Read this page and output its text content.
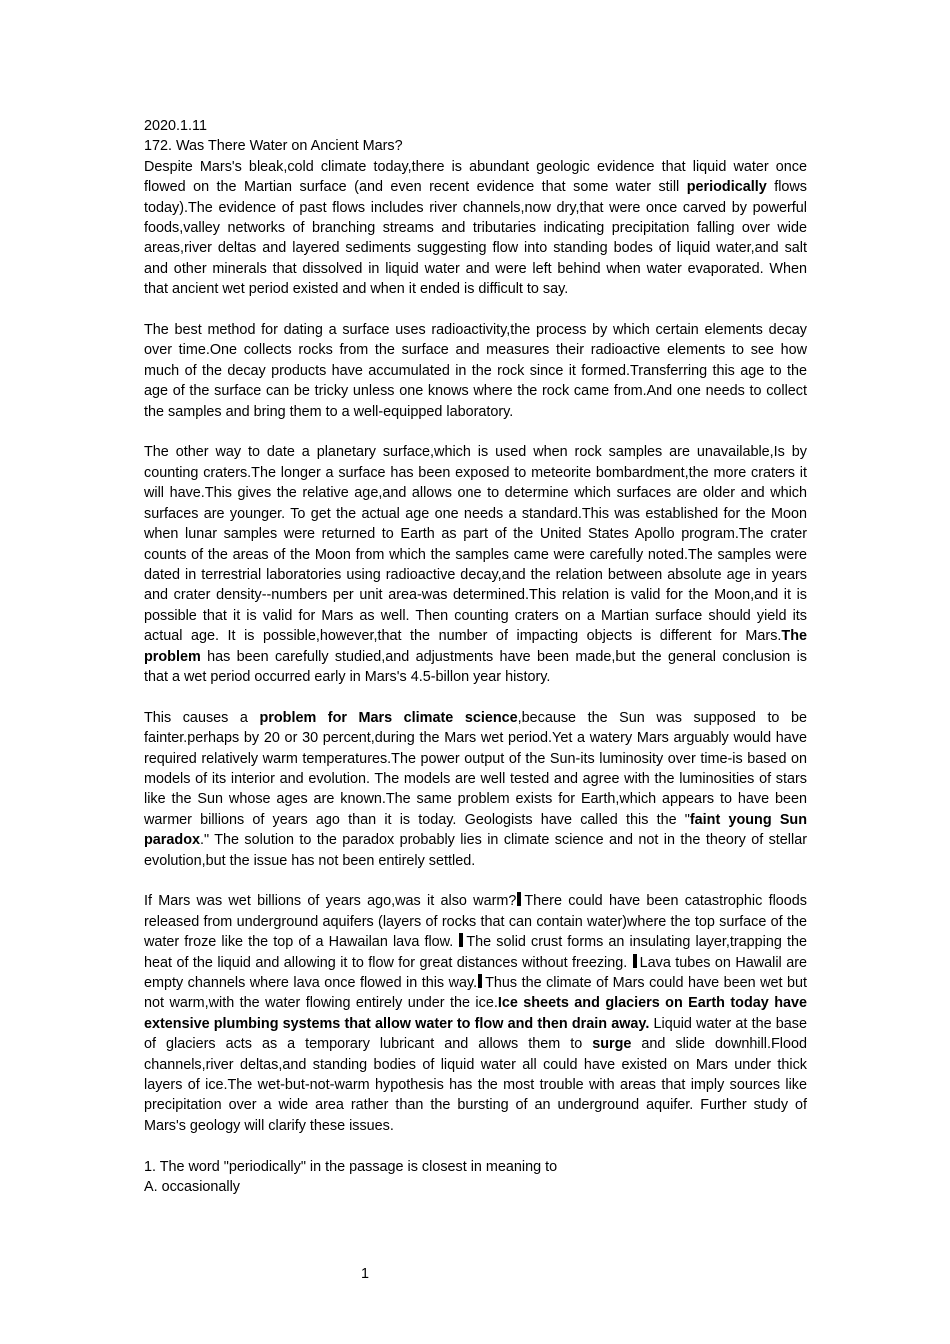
2020.1.11
172. Was There Water on Ancient Mars?

Despite Mars's bleak,cold climate today,there is abundant geologic evidence that liquid water once flowed on the Martian surface (and even recent evidence that some water still periodically flows today).The evidence of past flows includes river channels,now dry,that were once carved by powerful foods,valley networks of branching streams and tributaries indicating precipitation falling over wide areas,river deltas and layered sediments suggesting flow into standing bodes of liquid water,and salt and other minerals that dissolved in liquid water and were left behind when water evaporated. When that ancient wet period existed and when it ended is difficult to say.

The best method for dating a surface uses radioactivity,the process by which certain elements decay over time.One collects rocks from the surface and measures their radioactive elements to see how much of the decay products have accumulated in the rock since it formed.Transferring this age to the age of the surface can be tricky unless one knows where the rock came from.And one needs to collect the samples and bring them to a well-equipped laboratory.

The other way to date a planetary surface,which is used when rock samples are unavailable,Is by counting craters.The longer a surface has been exposed to meteorite bombardment,the more craters it will have.This gives the relative age,and allows one to determine which surfaces are older and which surfaces are younger. To get the actual age one needs a standard.This was established for the Moon when lunar samples were returned to Earth as part of the United States Apollo program.The crater counts of the areas of the Moon from which the samples came were carefully noted.The samples were dated in terrestrial laboratories using radioactive decay,and the relation between absolute age in years and crater density--numbers per unit area-was determined.This relation is valid for the Moon,and it is possible that it is valid for Mars as well. Then counting craters on a Martian surface should yield its actual age. It is possible,however,that the number of impacting objects is different for Mars.The problem has been carefully studied,and adjustments have been made,but the general conclusion is that a wet period occurred early in Mars's 4.5-billon year history.

This causes a problem for Mars climate science,because the Sun was supposed to be fainter.perhaps by 20 or 30 percent,during the Mars wet period.Yet a watery Mars arguably would have required relatively warm temperatures.The power output of the Sun-its luminosity over time-is based on models of its interior and evolution. The models are well tested and agree with the luminosities of stars like the Sun whose ages are known.The same problem exists for Earth,which appears to have been warmer billions of years ago than it is today. Geologists have called this the "faint young Sun paradox." The solution to the paradox probably lies in climate science and not in the theory of stellar evolution,but the issue has not been entirely settled.

If Mars was wet billions of years ago,was it also warm? There could have been catastrophic floods released from underground aquifers (layers of rocks that can contain water)where the top surface of the water froze like the top of a Hawailan lava flow. The solid crust forms an insulating layer,trapping the heat of the liquid and allowing it to flow for great distances without freezing. Lava tubes on Hawalil are empty channels where lava once flowed in this way. Thus the climate of Mars could have been wet but not warm,with the water flowing entirely under the ice.Ice sheets and glaciers on Earth today have extensive plumbing systems that allow water to flow and then drain away. Liquid water at the base of glaciers acts as a temporary lubricant and allows them to surge and slide downhill.Flood channels,river deltas,and standing bodies of liquid water all could have existed on Mars under thick layers of ice.The wet-but-not-warm hypothesis has the most trouble with areas that imply sources like precipitation over a wide area rather than the bursting of an underground aquifer. Further study of Mars's geology will clarify these issues.

1. The word "periodically" in the passage is closest in meaning to
A. occasionally
1
